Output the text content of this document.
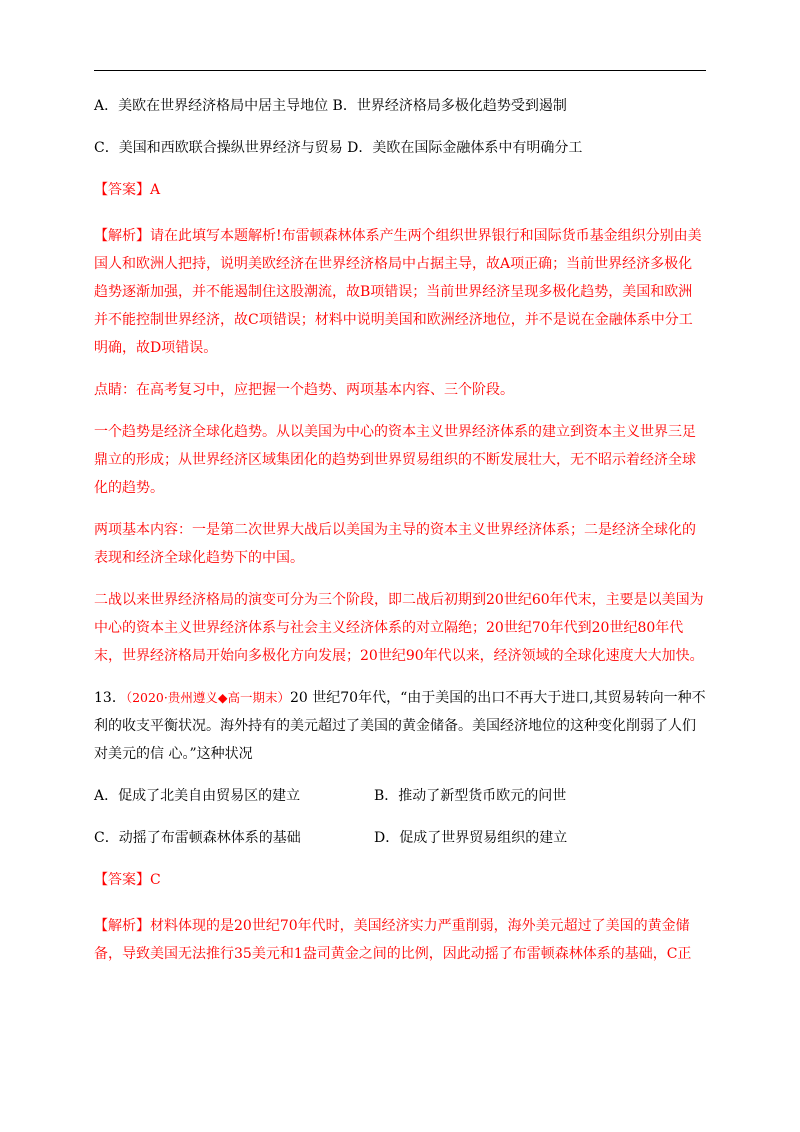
A．美欧在世界经济格局中居主导地位 B．世界经济格局多极化趋势受到遏制
C．美国和西欧联合操纵世界经济与贸易 D．美欧在国际金融体系中有明确分工
【答案】A

【解析】请在此填写本题解析!布雷顿森林体系产生两个组织世界银行和国际货币基金组织分别由美国人和欧洲人把持，说明美欧经济在世界经济格局中占据主导，故A项正确；当前世界经济多极化趋势逐渐加强，并不能遏制住这股潮流，故B项错误；当前世界经济呈现多极化趋势，美国和欧洲并不能控制世界经济，故C项错误；材料中说明美国和欧洲经济地位，并不是说在金融体系中分工明确，故D项错误。

点睛：在高考复习中，应把握一个趋势、两项基本内容、三个阶段。

一个趋势是经济全球化趋势。从以美国为中心的资本主义世界经济体系的建立到资本主义世界三足鼎立的形成；从世界经济区域集团化的趋势到世界贸易组织的不断发展壮大，无不昭示着经济全球化的趋势。

两项基本内容：一是第二次世界大战后以美国为主导的资本主义世界经济体系；二是经济全球化的表现和经济全球化趋势下的中国。

二战以来世界经济格局的演变可分为三个阶段，即二战后初期到20世纪60年代末，主要是以美国为中心的资本主义世界经济体系与社会主义经济体系的对立隔绝；20世纪70年代到20世纪80年代末，世界经济格局开始向多极化方向发展；20世纪90年代以来，经济领域的全球化速度大大加快。

13．（2020·贵州遵义◆高一期末）20 世纪70年代，“由于美国的出口不再大于进口,其贸易转向一种不利的收支平衡状况。海外持有的美元超过了美国的黄金储备。美国经济地位的这种变化削弱了人们对美元的信 心。”这种状况

A．促成了北美自由贸易区的建立	B．推动了新型货币欧元的问世
C．动摇了布雷顿森林体系的基础	D．促成了世界贸易组织的建立
【答案】C

【解析】材料体现的是20世纪70年代时，美国经济实力严重削弱，海外美元超过了美国的黄金储备，导致美国无法推行35美元和1盎司黄金之间的比例，因此动摇了布雷顿森林体系的基础，C正
